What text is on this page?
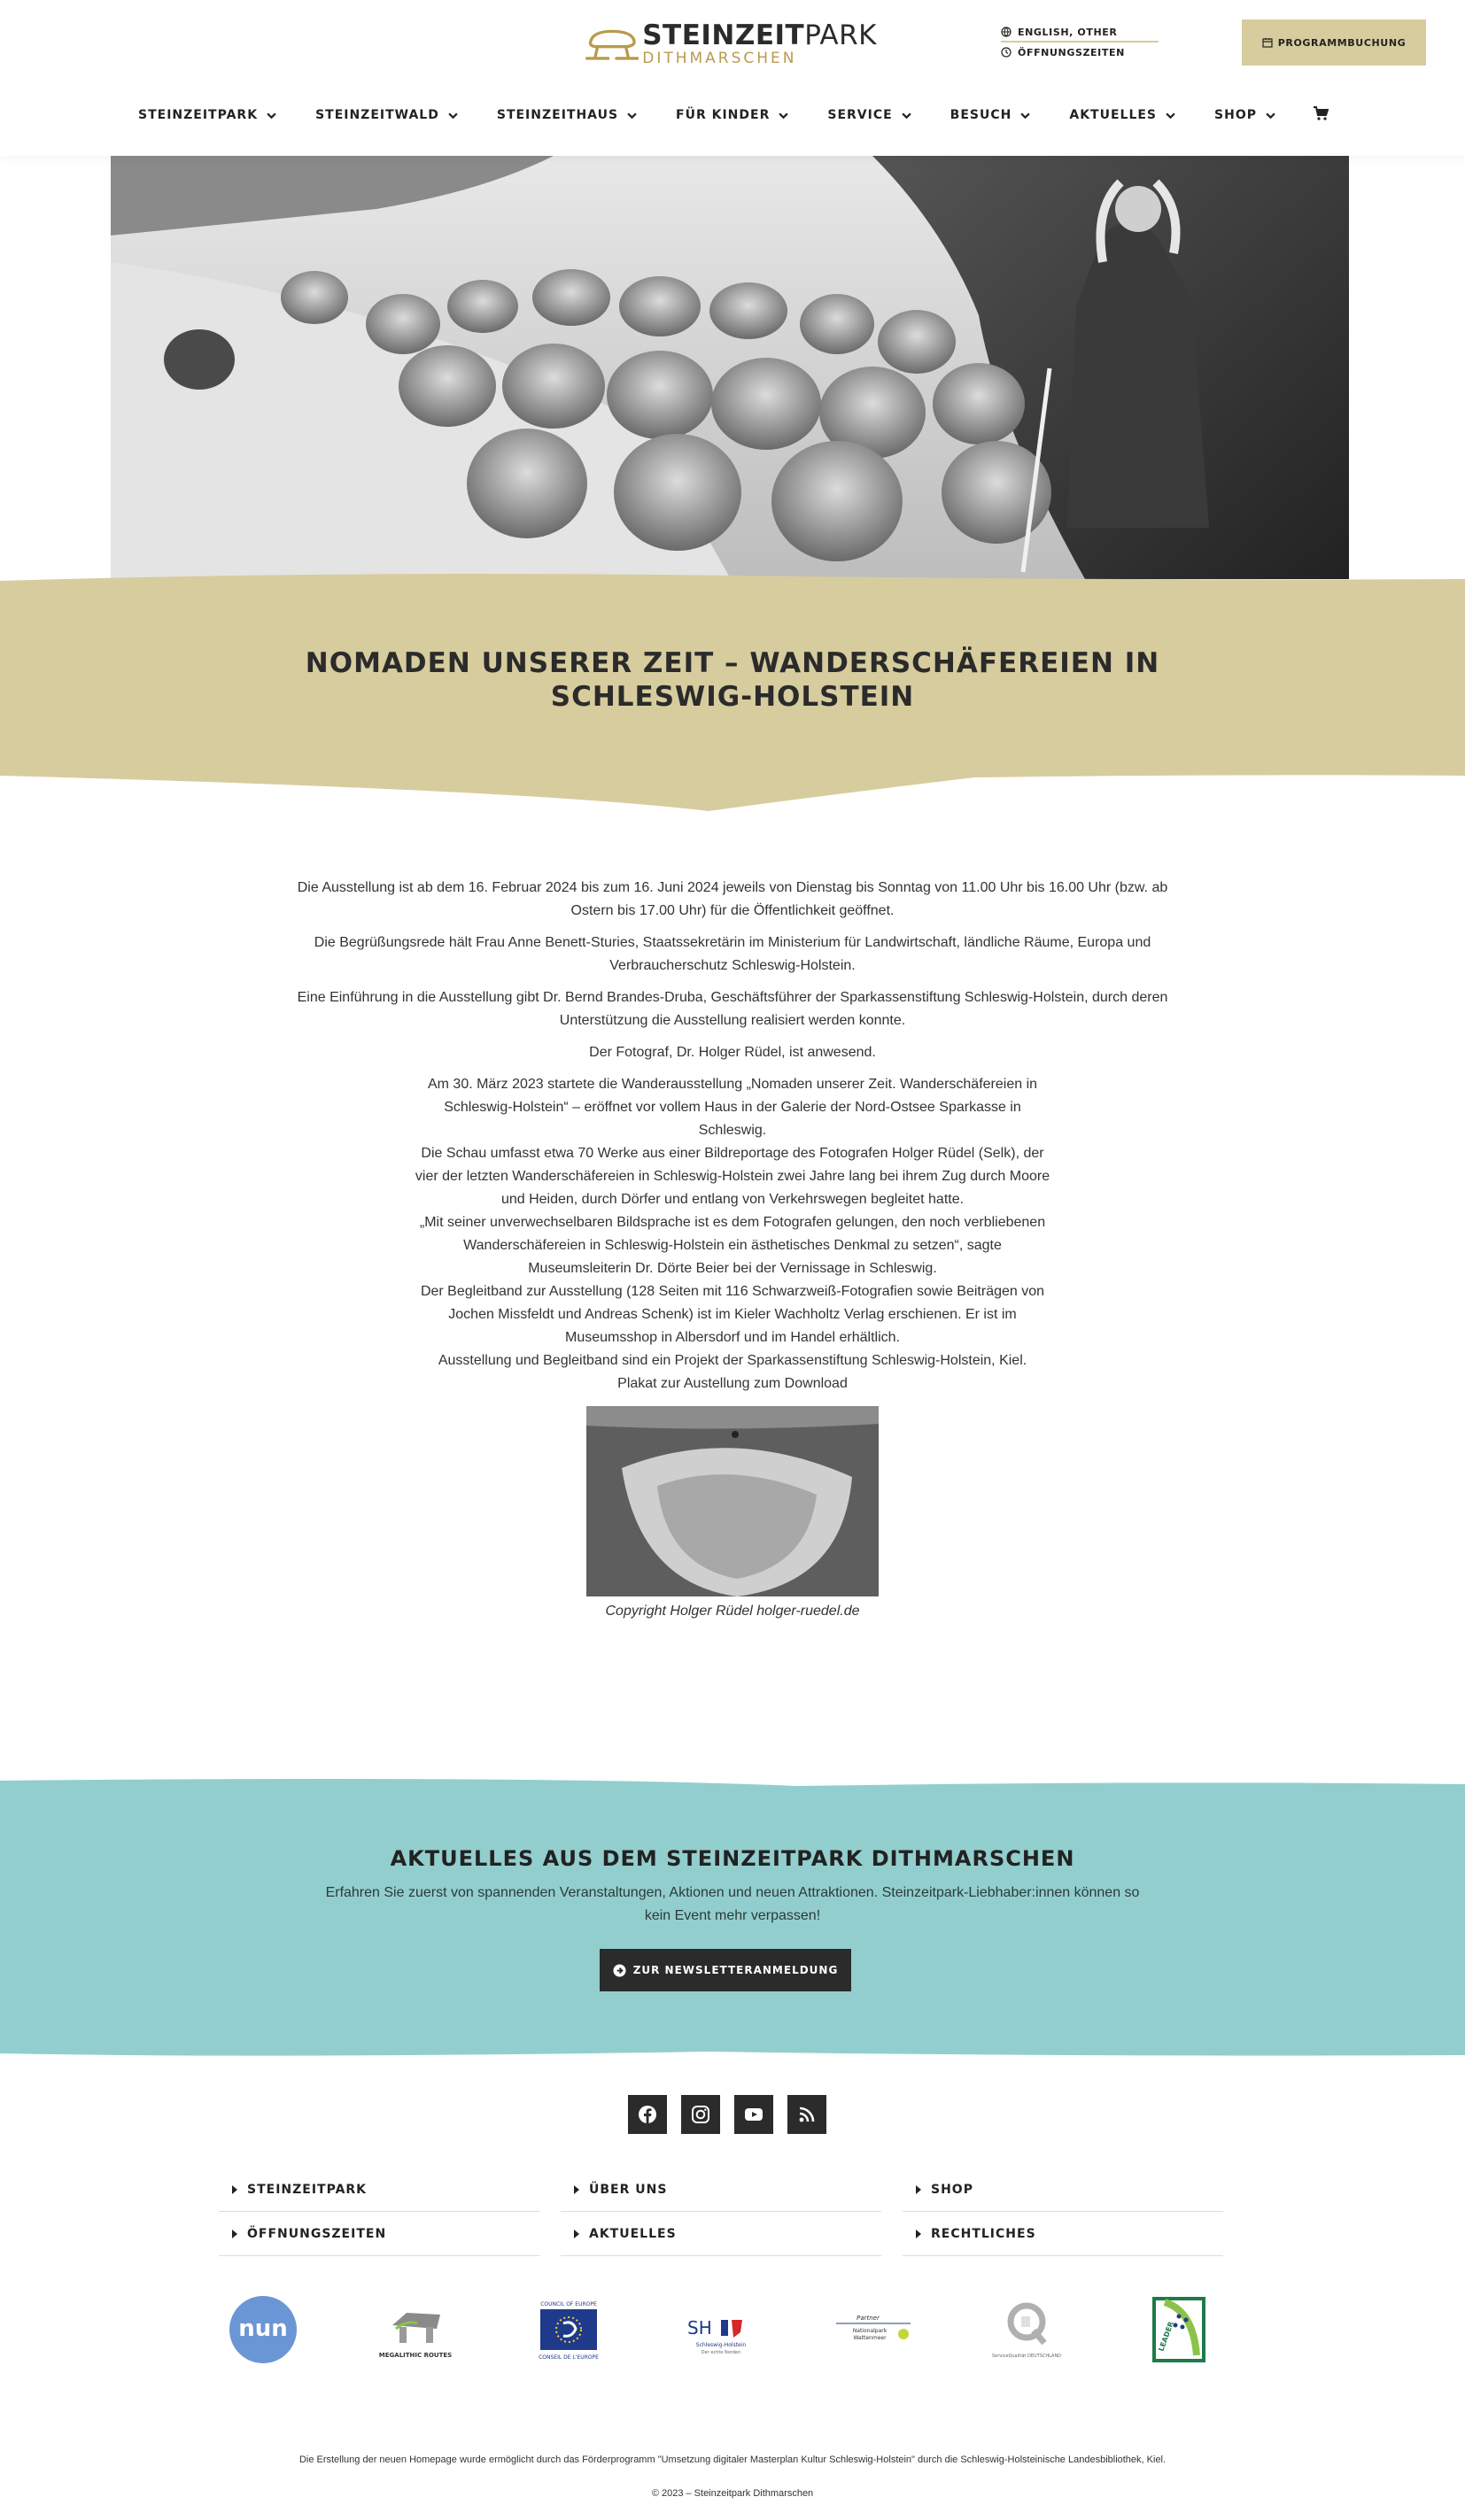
STEINZEITPARK
DITHMARSCHEN
ENGLISH, OTHER
ÖFFNUNGSZEITEN
PROGRAMMBUCHUNG
STEINZEITPARK	STEINZEITWALD	STEINZEITHAUS	FÜR KINDER	SERVICE	BESUCH	AKTUELLES	SHOP
NOMADEN UNSERER ZEIT – WANDERSCHÄFEREIEN IN SCHLESWIG-HOLSTEIN

Die Ausstellung ist ab dem 16. Februar 2024 bis zum 16. Juni 2024 jeweils von Dienstag bis Sonntag von 11.00 Uhr bis 16.00 Uhr (bzw. ab Ostern bis 17.00 Uhr) für die Öffentlichkeit geöffnet.

Die Begrüßungsrede hält Frau Anne Benett-Sturies, Staatssekretärin im Ministerium für Landwirtschaft, ländliche Räume, Europa und Verbraucherschutz Schleswig-Holstein.

Eine Einführung in die Ausstellung gibt Dr. Bernd Brandes-Druba, Geschäftsführer der Sparkassenstiftung Schleswig-Holstein, durch deren Unterstützung die Ausstellung realisiert werden konnte.

Der Fotograf, Dr. Holger Rüdel, ist anwesend.

Am 30. März 2023 startete die Wanderausstellung „Nomaden unserer Zeit. Wanderschäfereien in Schleswig-Holstein“ – eröffnet vor vollem Haus in der Galerie der Nord-Ostsee Sparkasse in Schleswig.
Die Schau umfasst etwa 70 Werke aus einer Bildreportage des Fotografen Holger Rüdel (Selk), der vier der letzten Wanderschäfereien in Schleswig-Holstein zwei Jahre lang bei ihrem Zug durch Moore und Heiden, durch Dörfer und entlang von Verkehrswegen begleitet hatte.
„Mit seiner unverwechselbaren Bildsprache ist es dem Fotografen gelungen, den noch verbliebenen Wanderschäfereien in Schleswig-Holstein ein ästhetisches Denkmal zu setzen“, sagte Museumsleiterin Dr. Dörte Beier bei der Vernissage in Schleswig.
Der Begleitband zur Ausstellung (128 Seiten mit 116 Schwarzweiß-Fotografien sowie Beiträgen von Jochen Missfeldt und Andreas Schenk) ist im Kieler Wachholtz Verlag erschienen. Er ist im Museumsshop in Albersdorf und im Handel erhältlich.
Ausstellung und Begleitband sind ein Projekt der Sparkassenstiftung Schleswig-Holstein, Kiel.
Plakat zur Austellung zum Download
Copyright Holger Rüdel holger-ruedel.de
AKTUELLES AUS DEM STEINZEITPARK DITHMARSCHEN
Erfahren Sie zuerst von spannenden Veranstaltungen, Aktionen und neuen Attraktionen. Steinzeitpark-Liebhaber:innen können so kein Event mehr verpassen!
ZUR NEWSLETTERANMELDUNG
STEINZEITPARK	ÜBER UNS	SHOP
ÖFFNUNGSZEITEN	AKTUELLES	RECHTLICHES
nun
MEGALITHIC ROUTES
COUNCIL OF EUROPE
CONSEIL DE L'EUROPE
SH
Schleswig-Holstein
Der echte Norden
Partner
Nationalpark
Wattenmeer
ServiceQualität DEUTSCHLAND
LEADER
Die Erstellung der neuen Homepage wurde ermöglicht durch das Förderprogramm "Umsetzung digitaler Masterplan Kultur Schleswig-Holstein" durch die Schleswig-Holsteinische Landesbibliothek, Kiel.
© 2023 – Steinzeitpark Dithmarschen
